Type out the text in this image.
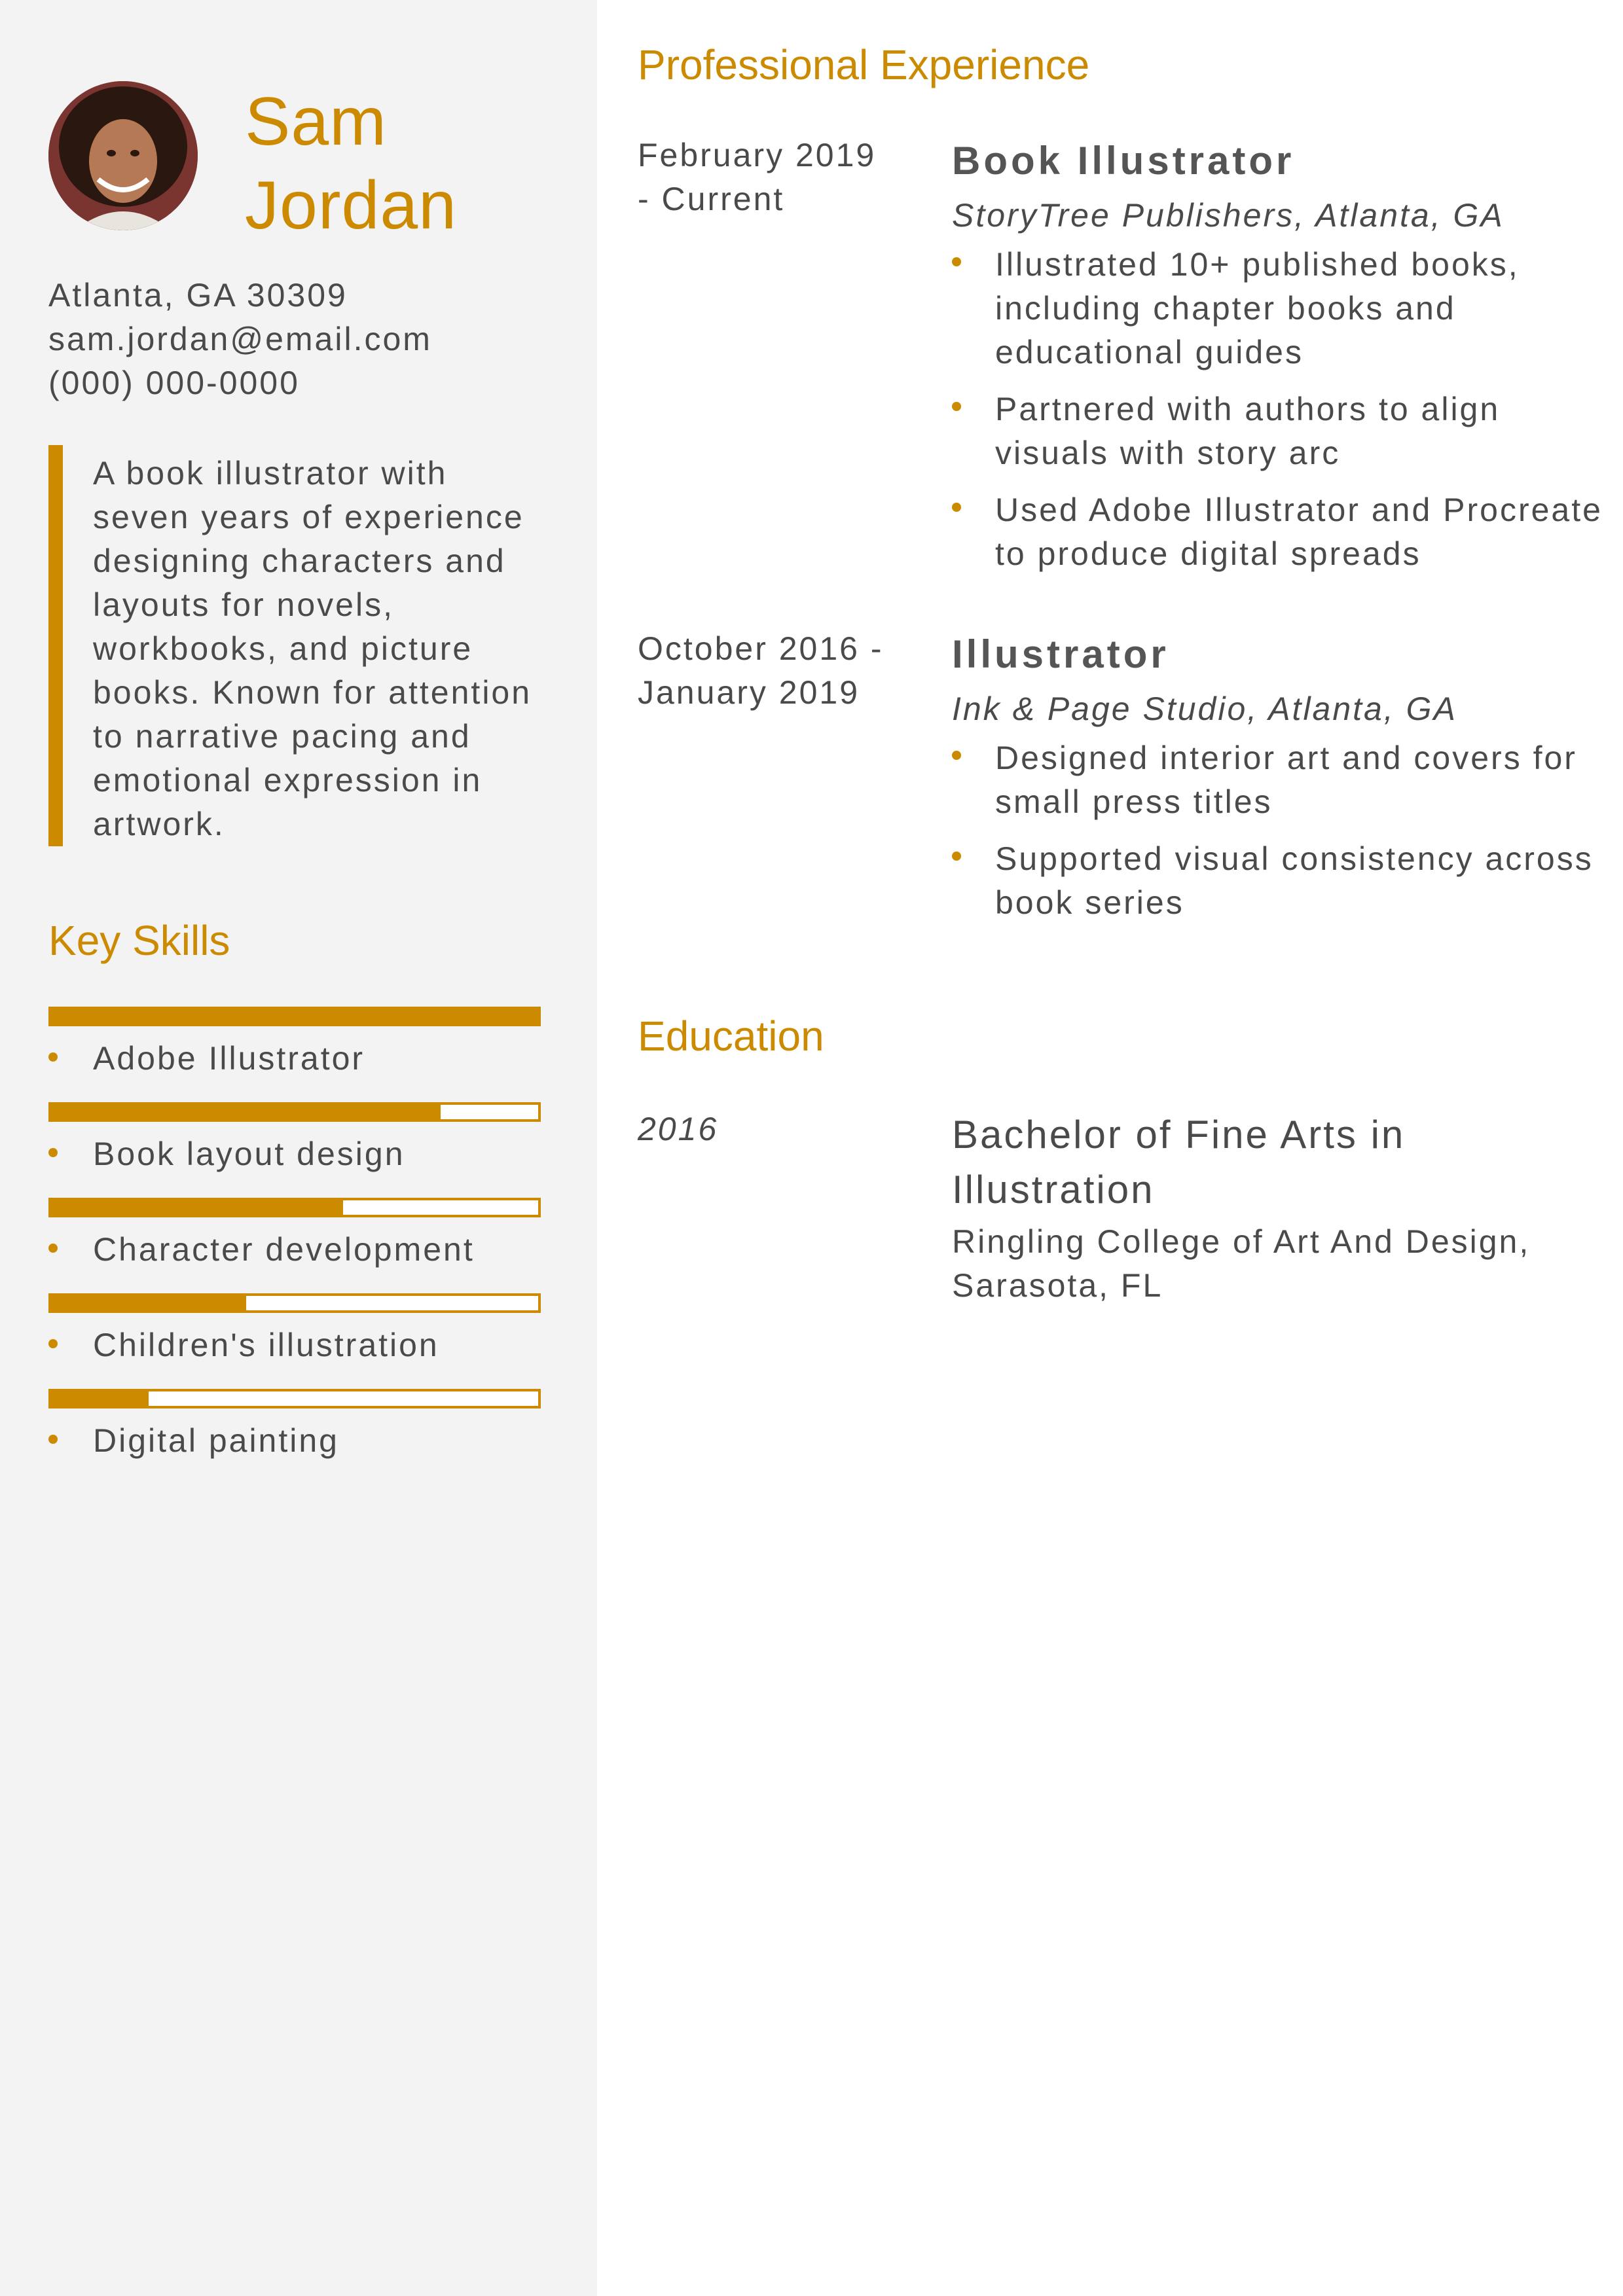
Sam
Jordan
Atlanta, GA 30309
sam.jordan@email.com
(000) 000-0000

A book illustrator with seven years of experience designing characters and layouts for novels, workbooks, and picture books. Known for attention to narrative pacing and emotional expression in artwork.

Key Skills
Adobe Illustrator
Book layout design
Character development
Children's illustration
Digital painting
Professional Experience
February 2019 - Current
Book Illustrator
StoryTree Publishers, Atlanta, GA
Illustrated 10+ published books, including chapter books and educational guides
Partnered with authors to align visuals with story arc
Used Adobe Illustrator and Procreate to produce digital spreads
October 2016 - January 2019
Illustrator
Ink & Page Studio, Atlanta, GA
Designed interior art and covers for small press titles
Supported visual consistency across book series
Education
2016	Bachelor of Fine Arts in Illustration
Ringling College of Art And Design, Sarasota, FL
